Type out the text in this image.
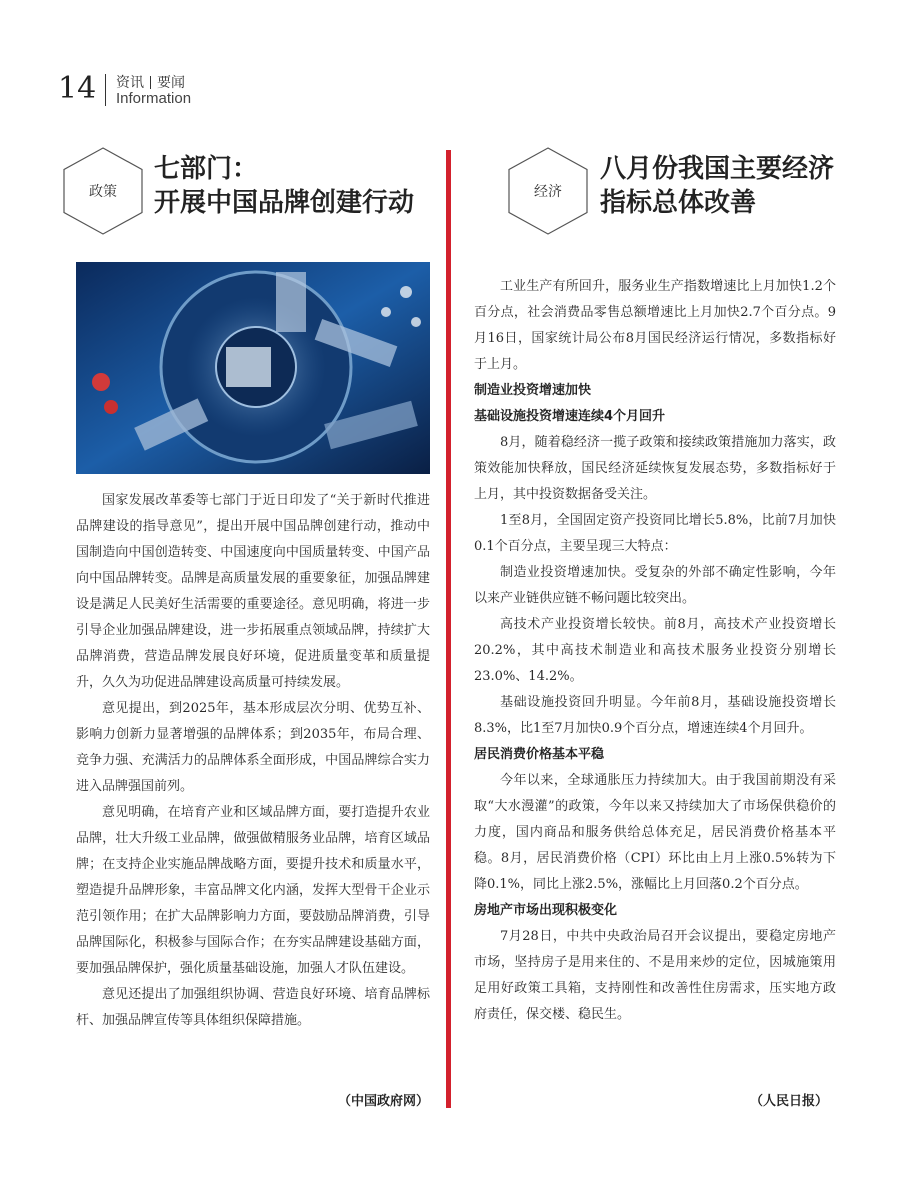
14 资讯 要闻
Information
政策
七部门：
开展中国品牌创建行动

国家发展改革委等七部门于近日印发了“关于新时代推进品牌建设的指导意见”，提出开展中国品牌创建行动，推动中国制造向中国创造转变、中国速度向中国质量转变、中国产品向中国品牌转变。品牌是高质量发展的重要象征，加强品牌建设是满足人民美好生活需要的重要途径。意见明确，将进一步引导企业加强品牌建设，进一步拓展重点领域品牌，持续扩大品牌消费，营造品牌发展良好环境，促进质量变革和质量提升，久久为功促进品牌建设高质量可持续发展。

意见提出，到2025年，基本形成层次分明、优势互补、影响力创新力显著增强的品牌体系；到2035年，布局合理、竞争力强、充满活力的品牌体系全面形成，中国品牌综合实力进入品牌强国前列。

意见明确，在培育产业和区域品牌方面，要打造提升农业品牌，壮大升级工业品牌，做强做精服务业品牌，培育区域品牌；在支持企业实施品牌战略方面，要提升技术和质量水平，塑造提升品牌形象，丰富品牌文化内涵，发挥大型骨干企业示范引领作用；在扩大品牌影响力方面，要鼓励品牌消费，引导品牌国际化，积极参与国际合作；在夯实品牌建设基础方面，要加强品牌保护，强化质量基础设施，加强人才队伍建设。

意见还提出了加强组织协调、营造良好环境、培育品牌标杆、加强品牌宣传等具体组织保障措施。

（中国政府网）
经济
八月份我国主要经济
指标总体改善

工业生产有所回升，服务业生产指数增速比上月加快1.2个百分点，社会消费品零售总额增速比上月加快2.7个百分点。9月16日，国家统计局公布8月国民经济运行情况，多数指标好于上月。

制造业投资增速加快
基础设施投资增速连续4个月回升

8月，随着稳经济一揽子政策和接续政策措施加力落实，政策效能加快释放，国民经济延续恢复发展态势，多数指标好于上月，其中投资数据备受关注。

1至8月，全国固定资产投资同比增长5.8%，比前7月加快0.1个百分点，主要呈现三大特点：

制造业投资增速加快。受复杂的外部不确定性影响，今年以来产业链供应链不畅问题比较突出。

高技术产业投资增长较快。前8月，高技术产业投资增长20.2%，其中高技术制造业和高技术服务业投资分别增长23.0%、14.2%。

基础设施投资回升明显。今年前8月，基础设施投资增长8.3%，比1至7月加快0.9个百分点，增速连续4个月回升。

居民消费价格基本平稳

今年以来，全球通胀压力持续加大。由于我国前期没有采取“大水漫灌”的政策，今年以来又持续加大了市场保供稳价的力度，国内商品和服务供给总体充足，居民消费价格基本平稳。8月，居民消费价格（CPI）环比由上月上涨0.5%转为下降0.1%，同比上涨2.5%，涨幅比上月回落0.2个百分点。

房地产市场出现积极变化

7月28日，中共中央政治局召开会议提出，要稳定房地产市场，坚持房子是用来住的、不是用来炒的定位，因城施策用足用好政策工具箱，支持刚性和改善性住房需求，压实地方政府责任，保交楼、稳民生。

（人民日报）
